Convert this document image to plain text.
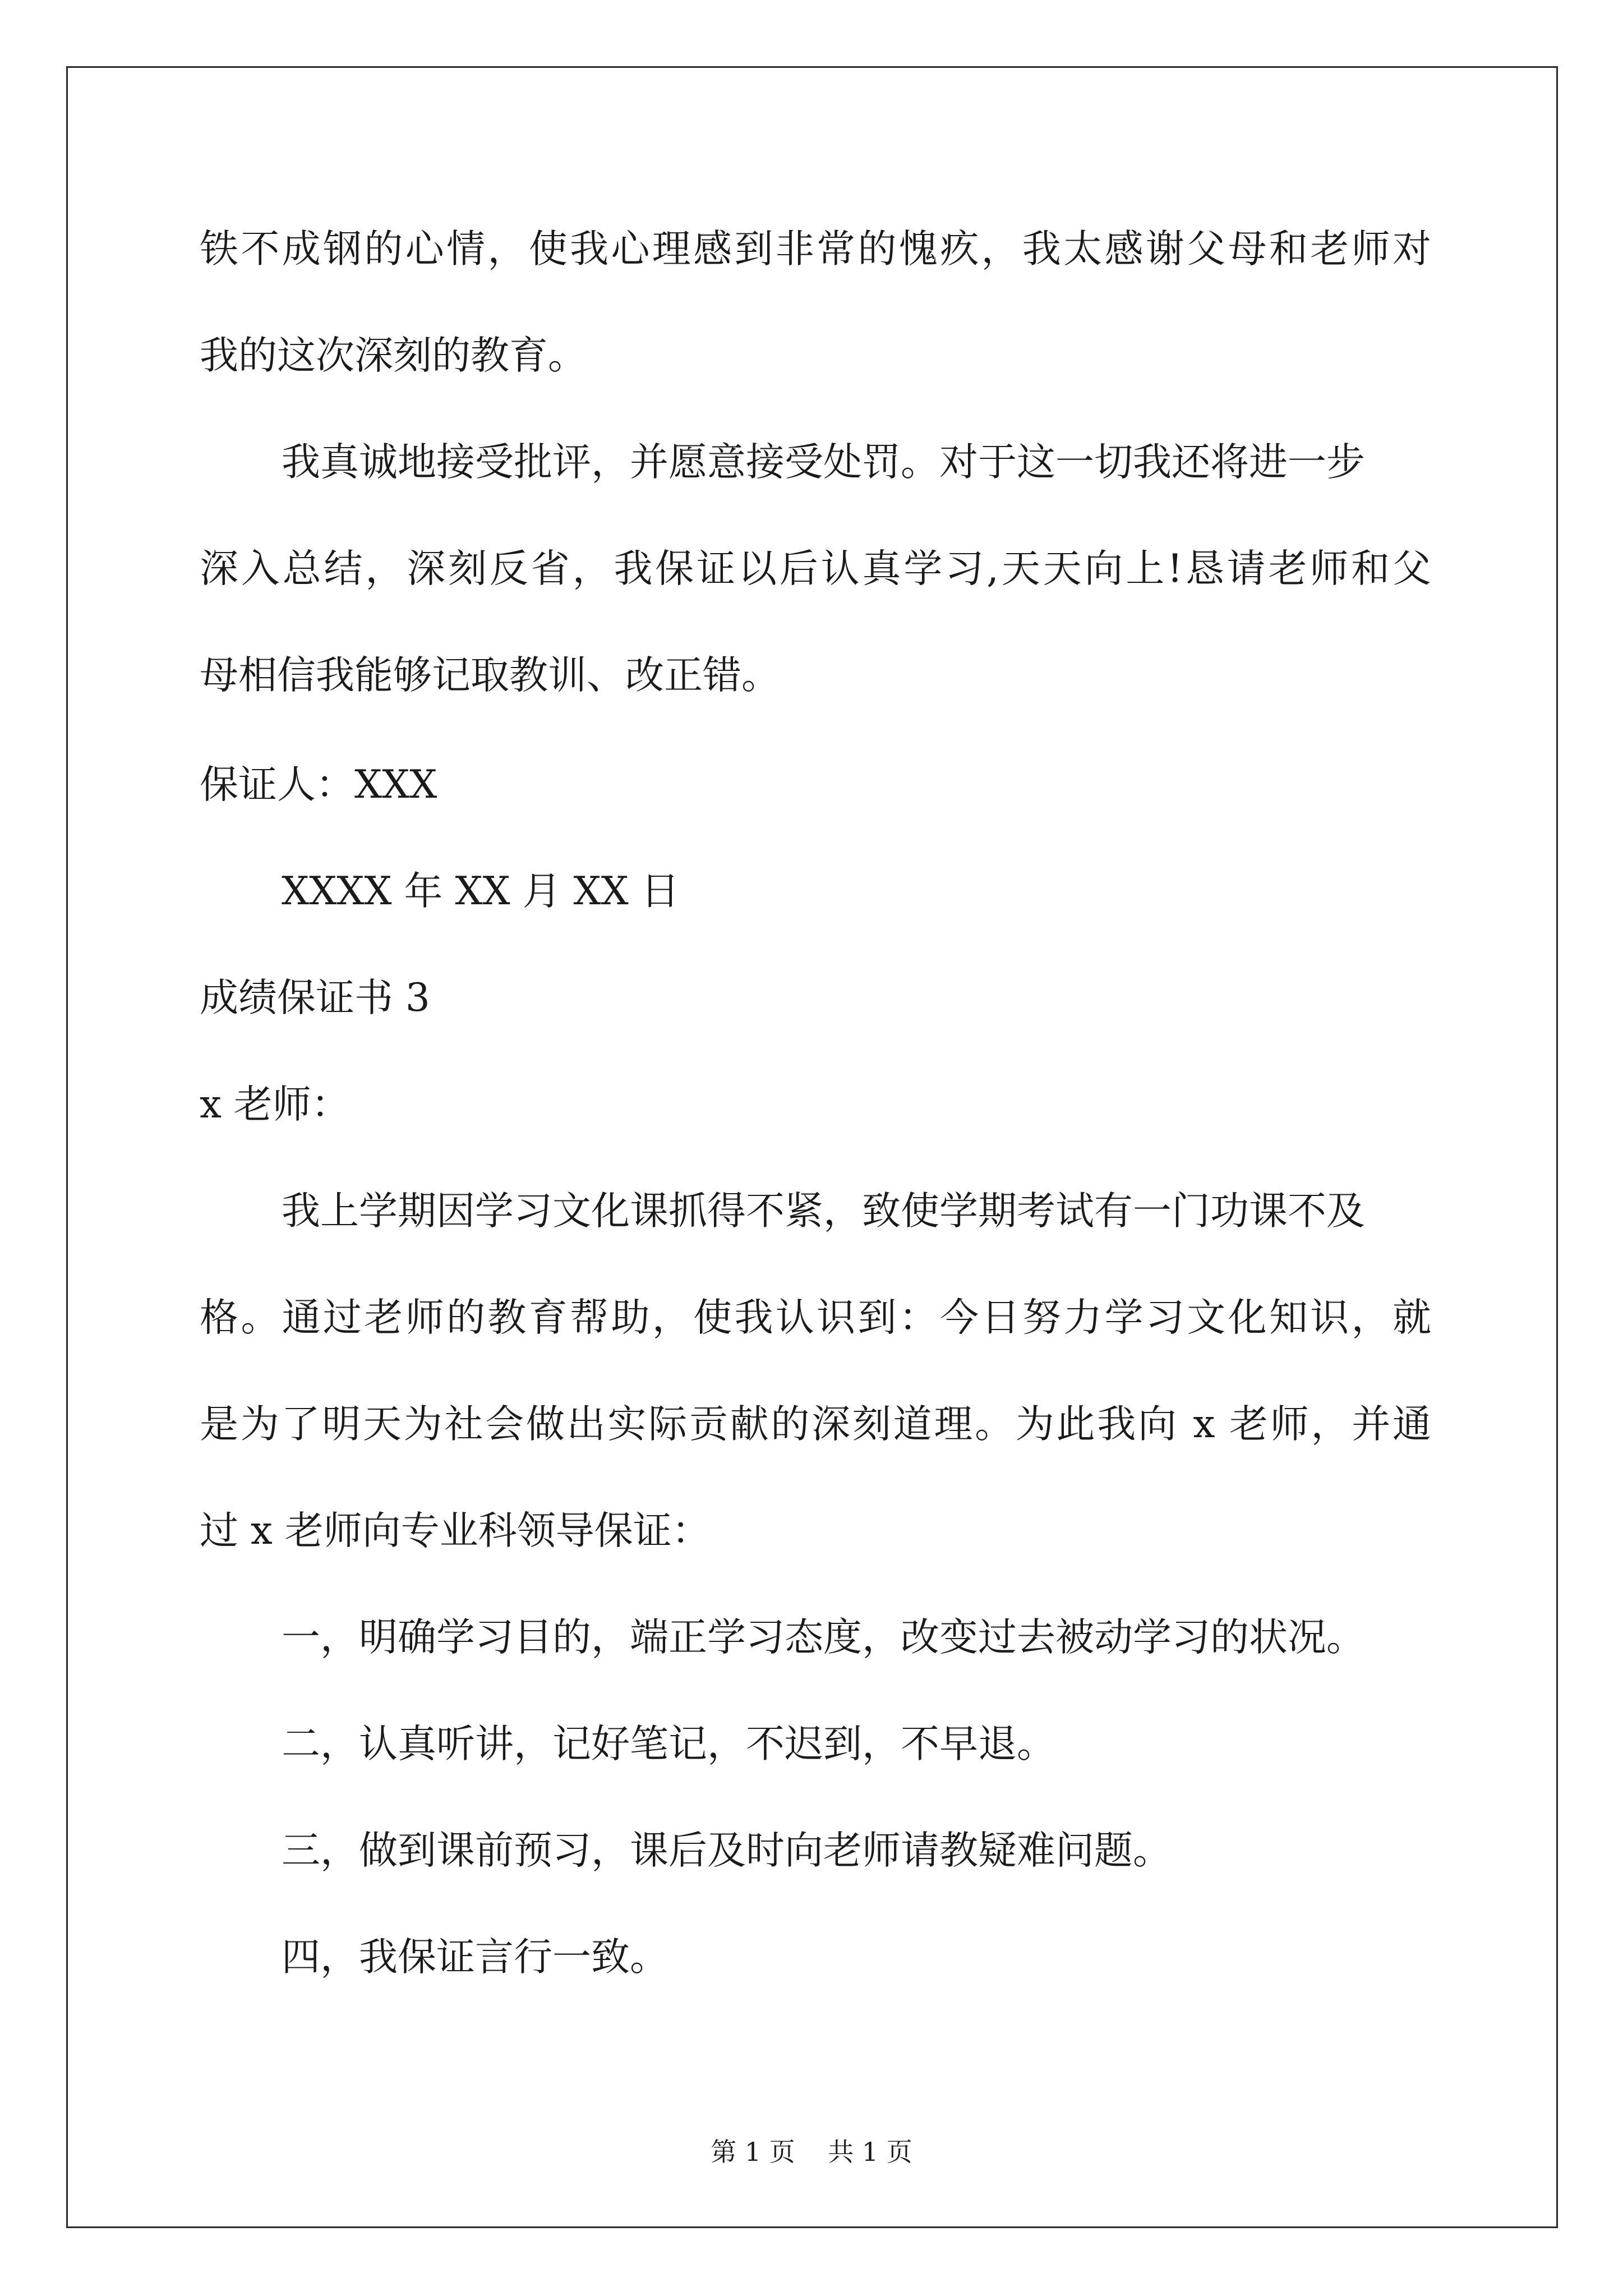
铁不成钢的心情，使我心理感到非常的愧疚，我太感谢父母和老师对
我的这次深刻的教育。
我真诚地接受批评，并愿意接受处罚。对于这一切我还将进一步
深入总结，深刻反省，我保证以后认真学习,天天向上!恳请老师和父
母相信我能够记取教训、改正错。
保证人：XXX
XXXX 年 XX 月 XX 日
成绩保证书 3
x 老师：
我上学期因学习文化课抓得不紧，致使学期考试有一门功课不及
格。通过老师的教育帮助，使我认识到：今日努力学习文化知识，就
是为了明天为社会做出实际贡献的深刻道理。为此我向 x 老师，并通
过 x 老师向专业科领导保证：
一，明确学习目的，端正学习态度，改变过去被动学习的状况。
二，认真听讲，记好笔记，不迟到，不早退。
三，做到课前预习，课后及时向老师请教疑难问题。
四，我保证言行一致。
第 1 页    共 1 页
